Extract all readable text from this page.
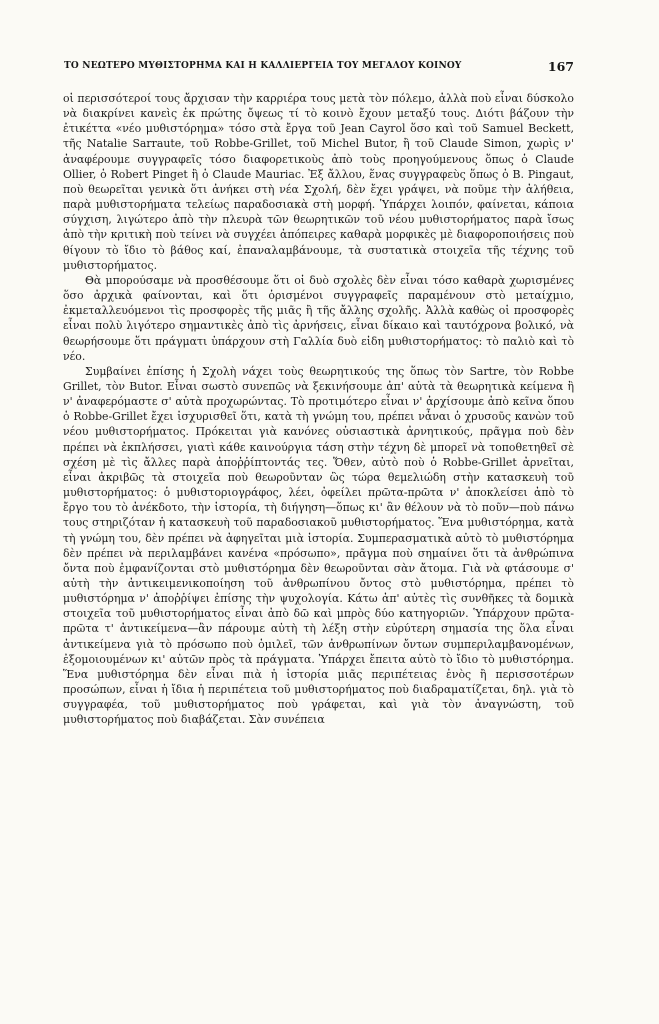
ΤΟ ΝΕΩΤΕΡΟ ΜΥΘΙΣΤΟΡΗΜΑ ΚΑΙ Η ΚΑΛΛΙΕΡΓΕΙΑ ΤΟΥ ΜΕΓΑΛΟΥ ΚΟΙΝΟΥ	167

οἱ περισσότεροί τους ἄρχισαν τὴν καρριέρα τους μετὰ τὸν πόλεμο, ἀλλὰ ποὺ εἶναι δύσκολο νὰ διακρίνει κανεὶς ἐκ πρώτης ὄψεως τί τὸ κοινὸ ἔχουν μεταξύ τους. Διότι βάζουν τὴν ἐτικέττα «νέο μυθιστόρημα» τόσο στὰ ἔργα τοῦ Jean Cayrol ὅσο καὶ τοῦ Samuel Beckett, τῆς Natalie Sarraute, τοῦ Robbe-Grillet, τοῦ Michel Butor, ἢ τοῦ Claude Simon, χωρὶς ν' ἀναφέρουμε συγγραφεῖς τόσο διαφορετικοὺς ἀπὸ τοὺς προηγούμενους ὅπως ὁ Claude Ollier, ὁ Robert Pinget ἢ ὁ Claude Mauriac. Ἐξ ἄλλου, ἕνας συγγραφεὺς ὅπως ὁ B. Pingaut, ποὺ θεωρεῖται γενικὰ ὅτι ἀνήκει στὴ νέα Σχολή, δὲν ἔχει γράψει, νὰ ποῦμε τὴν ἀλήθεια, παρὰ μυθιστορήματα τελείως παραδοσιακὰ στὴ μορφή. Ὑπάρχει λοιπόν, φαίνεται, κάποια σύγχιση, λιγώτερο ἀπὸ τὴν πλευρὰ τῶν θεωρητικῶν τοῦ νέου μυθιστορήματος παρὰ ἴσως ἀπὸ τὴν κριτικὴ ποὺ τείνει νὰ συγχέει ἀπόπειρες καθαρὰ μορφικὲς μὲ διαφοροποιήσεις ποὺ θίγουν τὸ ἴδιο τὸ βάθος καί, ἐπαναλαμβάνουμε, τὰ συστατικὰ στοιχεῖα τῆς τέχνης τοῦ μυθιστορήματος.

Θὰ μπορούσαμε νὰ προσθέσουμε ὅτι οἱ δυὸ σχολὲς δὲν εἶναι τόσο καθαρὰ χωρισμένες ὅσο ἀρχικὰ φαίνονται, καὶ ὅτι ὁρισμένοι συγγραφεῖς παραμένουν στὸ μεταίχμιο, ἐκμεταλλευόμενοι τὶς προσφορὲς τῆς μιᾶς ἢ τῆς ἄλλης σχολῆς. Ἀλλὰ καθὼς οἱ προσφορὲς εἶναι πολὺ λιγότερο σημαντικὲς ἀπὸ τὶς ἀρνήσεις, εἶναι δίκαιο καὶ ταυτόχρονα βολικό, νὰ θεωρήσουμε ὅτι πράγματι ὑπάρχουν στὴ Γαλλία δυὸ εἰδη μυθιστορήματος: τὸ παλιὸ καὶ τὸ νέο.

Συμβαίνει ἐπίσης ἡ Σχολὴ νάχει τοὺς θεωρητικούς της ὅπως τὸν Sartre, τὸν Robbe Grillet, τὸν Butor. Εἶναι σωστὸ συνεπῶς νὰ ξεκινήσουμε ἀπ' αὐτὰ τὰ θεωρητικὰ κείμενα ἢ ν' ἀναφερόμαστε σ' αὐτὰ προχωρώντας. Τὸ προτιμότερο εἶναι ν' ἀρχίσουμε ἀπὸ κεῖνα ὅπου ὁ Robbe-Grillet ἔχει ἰσχυρισθεῖ ὅτι, κατὰ τὴ γνώμη του, πρέπει νἆναι ὁ χρυσοῦς κανὼν τοῦ νέου μυθιστορήματος. Πρόκειται γιὰ κανόνες οὐσιαστικὰ ἀρνητικούς, πρᾶγμα ποὺ δὲν πρέπει νὰ ἐκπλήσσει, γιατὶ κάθε καινούργια τάση στὴν τέχνη δὲ μπορεῖ νὰ τοποθετηθεῖ σὲ σχέση μὲ τὶς ἄλλες παρὰ ἀποῤῥίπτοντάς τες. Ὅθεν, αὐτὸ ποὺ ὁ Robbe-Grillet ἀρνεῖται, εἶναι ἀκριβῶς τὰ στοιχεῖα ποὺ θεωροῦνταν ὣς τώρα θεμελιώδη στὴν κατασκευὴ τοῦ μυθιστορήματος: ὁ μυθιστοριογράφος, λέει, ὀφείλει πρῶτα-πρῶτα ν' ἀποκλείσει ἀπὸ τὸ ἔργο του τὸ ἀνέκδοτο, τὴν ἱστορία, τὴ διήγηση—ὅπως κι' ἂν θέλουν νὰ τὸ ποῦν—ποὺ πάνω τους στηριζόταν ἡ κατασκευὴ τοῦ παραδοσιακοῦ μυθιστορήματος. Ἕνα μυθιστόρημα, κατὰ τὴ γνώμη του, δὲν πρέπει νὰ ἀφηγεῖται μιὰ ἱστορία. Συμπερασματικὰ αὐτὸ τὸ μυθιστόρημα δὲν πρέπει νὰ περιλαμβάνει κανένα «πρόσωπο», πρᾶγμα ποὺ σημαίνει ὅτι τὰ ἀνθρώπινα ὄντα ποὺ ἐμφανίζονται στὸ μυθιστόρημα δὲν θεωροῦνται σὰν ἄτομα. Γιὰ νὰ φτάσουμε σ' αὐτὴ τὴν ἀντικειμενικοποίηση τοῦ ἀνθρωπίνου ὄντος στὸ μυθιστόρημα, πρέπει τὸ μυθιστόρημα ν' ἀποῤῥίψει ἐπίσης τὴν ψυχολογία. Κάτω ἀπ' αὐτὲς τὶς συνθῆκες τὰ δομικὰ στοιχεῖα τοῦ μυθιστορήματος εἶναι ἀπὸ δῶ καὶ μπρὸς δύο κατηγοριῶν. Ὑπάρχουν πρῶτα-πρῶτα τ' ἀντικείμενα—ἂν πάρουμε αὐτὴ τὴ λέξη στὴν εὐρύτερη σημασία της ὅλα εἶναι ἀντικείμενα γιὰ τὸ πρόσωπο ποὺ ὁμιλεῖ, τῶν ἀνθρωπίνων ὄντων συμπεριλαμβανομένων, ἐξομοιουμένων κι' αὐτῶν πρὸς τὰ πράγματα. Ὑπάρχει ἔπειτα αὐτὸ τὸ ἴδιο τὸ μυθιστόρημα. Ἕνα μυθιστόρημα δὲν εἶναι πιὰ ἡ ἱστορία μιᾶς περιπέτειας ἑνὸς ἢ περισσοτέρων προσώπων, εἶναι ἡ ἴδια ἡ περιπέτεια τοῦ μυθιστορήματος ποὺ διαδραματίζεται, δηλ. γιὰ τὸ συγγραφέα, τοῦ μυθιστορήματος ποὺ γράφεται, καὶ γιὰ τὸν ἀναγνώστη, τοῦ μυθιστορήματος ποὺ διαβάζεται. Σὰν συνέπεια
